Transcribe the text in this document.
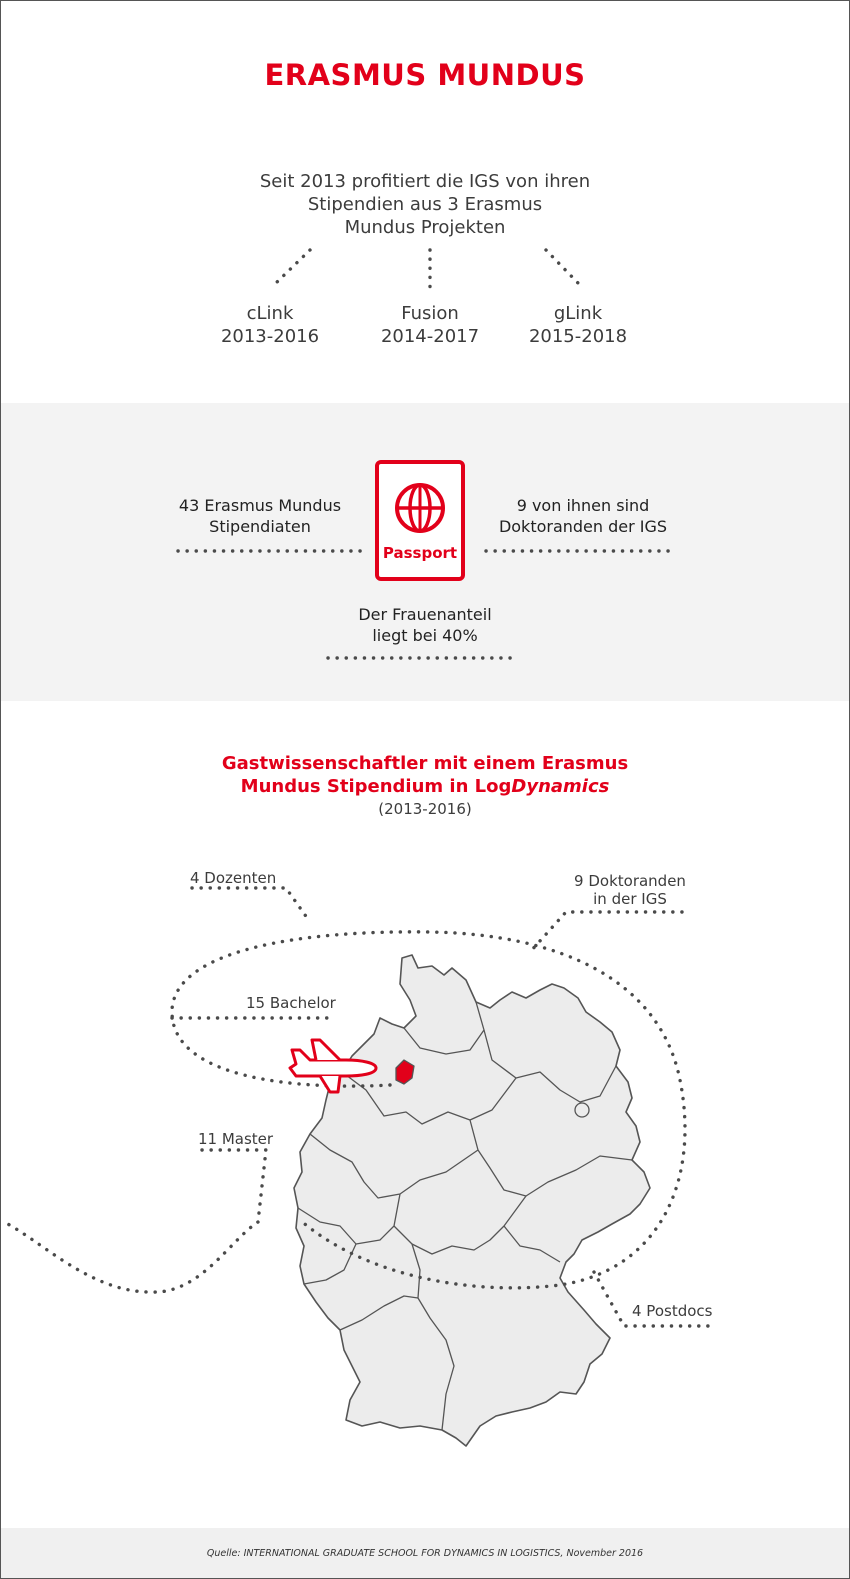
ERASMUS MUNDUS
Seit 2013 profitiert die IGS von ihren
Stipendien aus 3 Erasmus
Mundus Projekten
cLink
2013-2016
Fusion
2014-2017
gLink
2015-2018
43 Erasmus Mundus
Stipendiaten
9 von ihnen sind
Doktoranden der IGS
Der Frauenanteil
liegt bei 40%
Passport
Gastwissenschaftler mit einem Erasmus
Mundus Stipendium in LogDynamics
(2013-2016)
4 Dozenten	9 Doktoranden
in der IGS
15 Bachelor
11 Master
4 Postdocs
Quelle: INTERNATIONAL GRADUATE SCHOOL FOR DYNAMICS IN LOGISTICS, November 2016
